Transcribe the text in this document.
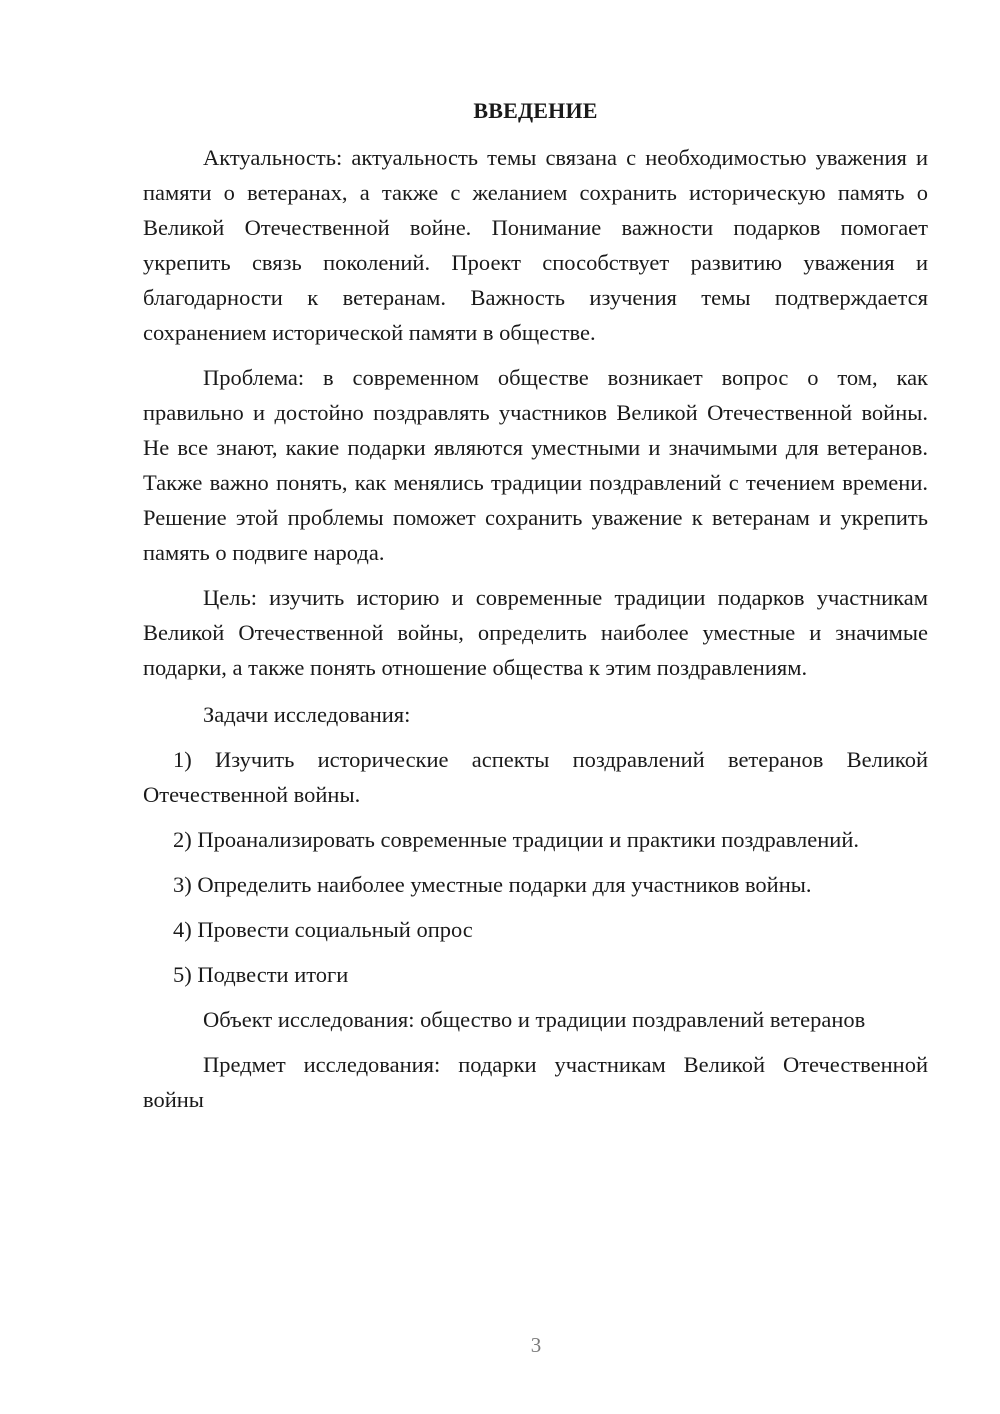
ВВЕДЕНИЕ

Актуальность: актуальность темы связана с необходимостью уважения и памяти о ветеранах, а также с желанием сохранить историческую память о Великой Отечественной войне. Понимание важности подарков помогает укрепить связь поколений. Проект способствует развитию уважения и благодарности к ветеранам. Важность изучения темы подтверждается сохранением исторической памяти в обществе.

Проблема: в современном обществе возникает вопрос о том, как правильно и достойно поздравлять участников Великой Отечественной войны. Не все знают, какие подарки являются уместными и значимыми для ветеранов. Также важно понять, как менялись традиции поздравлений с течением времени. Решение этой проблемы поможет сохранить уважение к ветеранам и укрепить память о подвиге народа.

Цель: изучить историю и современные традиции подарков участникам Великой Отечественной войны, определить наиболее уместные и значимые подарки, а также понять отношение общества к этим поздравлениям.

Задачи исследования:

1) Изучить исторические аспекты поздравлений ветеранов Великой Отечественной войны.

2) Проанализировать современные традиции и практики поздравлений.

3) Определить наиболее уместные подарки для участников войны.

4) Провести социальный опрос

5) Подвести итоги

Объект исследования: общество и традиции поздравлений ветеранов

Предмет исследования: подарки участникам Великой Отечественной войны

3
